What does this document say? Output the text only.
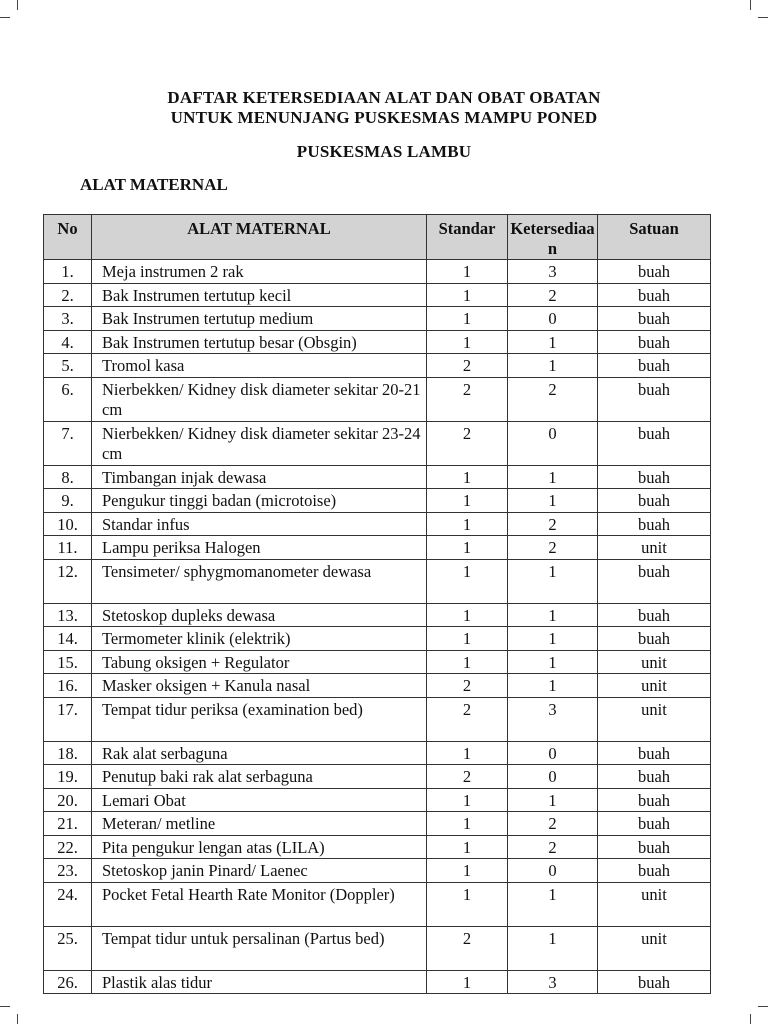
DAFTAR KETERSEDIAAN ALAT DAN OBAT OBATAN
UNTUK MENUNJANG PUSKESMAS MAMPU PONED
PUSKESMAS LAMBU
ALAT MATERNAL
No	ALAT MATERNAL	Standar	Ketersediaan	Satuan
1.	Meja instrumen 2 rak	1	3	buah
2.	Bak Instrumen tertutup kecil	1	2	buah
3.	Bak Instrumen tertutup medium	1	0	buah
4.	Bak Instrumen tertutup besar (Obsgin)	1	1	buah
5.	Tromol kasa	2	1	buah
6.	Nierbekken/ Kidney disk diameter sekitar 20-21 cm	2	2	buah
7.	Nierbekken/ Kidney disk diameter sekitar 23-24 cm	2	0	buah
8.	Timbangan injak dewasa	1	1	buah
9.	Pengukur tinggi badan (microtoise)	1	1	buah
10.	Standar infus	1	2	buah
11.	Lampu periksa Halogen	1	2	unit
12.	Tensimeter/ sphygmomanometer dewasa	1	1	buah
13.	Stetoskop dupleks dewasa	1	1	buah
14.	Termometer klinik (elektrik)	1	1	buah
15.	Tabung oksigen + Regulator	1	1	unit
16.	Masker oksigen + Kanula nasal	2	1	unit
17.	Tempat tidur periksa (examination bed)	2	3	unit
18.	Rak alat serbaguna	1	0	buah
19.	Penutup baki rak alat serbaguna	2	0	buah
20.	Lemari Obat	1	1	buah
21.	Meteran/ metline	1	2	buah
22.	Pita pengukur lengan atas (LILA)	1	2	buah
23.	Stetoskop janin Pinard/ Laenec	1	0	buah
24.	Pocket Fetal Hearth Rate Monitor (Doppler)	1	1	unit
25.	Tempat tidur untuk persalinan (Partus bed)	2	1	unit
26.	Plastik alas tidur	1	3	buah
